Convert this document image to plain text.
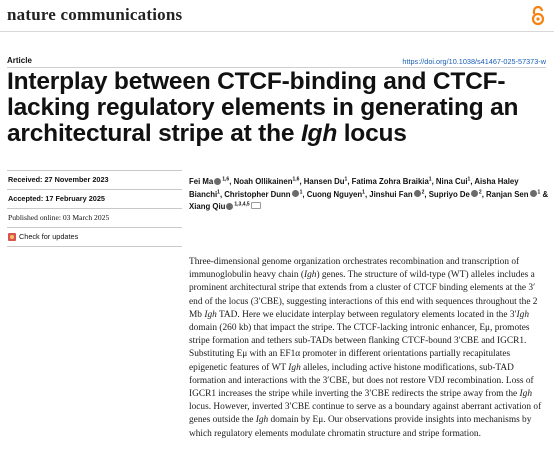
nature communications
Article	https://doi.org/10.1038/s41467-025-57373-w
Interplay between CTCF-binding and CTCF-lacking regulatory elements in generating an architectural stripe at the Igh locus
Received: 27 November 2023
Accepted: 17 February 2025
Published online: 03 March 2025
Check for updates
Fei Ma $^{1,6}$, Noah Ollikainen$^{1,6}$, Hansen Du$^1$, Fatima Zohra Braikia$^1$, Nina Cui$^1$, Aisha Haley Bianchi$^1$, Christopher Dunn $^1$, Cuong Nguyen$^1$, Jinshui Fan $^2$, Supriyo De $^2$, Ranjan Sen $^1$ & Xiang Qiu $^{1,3,4,5}$

Three-dimensional genome organization orchestrates recombination and transcription of immunoglobulin heavy chain (Igh) genes. The structure of wild-type (WT) alleles includes a prominent architectural stripe that extends from a cluster of CTCF binding elements at the 3′ end of the locus (3′CBE), suggesting interactions of this end with sequences throughout the 2 Mb Igh TAD. Here we elucidate interplay between regulatory elements located in the 3′Igh domain (260 kb) that impact the stripe. The CTCF-lacking intronic enhancer, Eμ, promotes stripe formation and tethers sub-TADs between flanking CTCF-bound 3′CBE and IGCR1. Substituting Eμ with an EF1α promoter in different orientations partially recapitulates epigenetic features of WT Igh alleles, including active histone modifications, sub-TAD formation and interactions with the 3′CBE, but does not restore VDJ recombination. Loss of IGCR1 increases the stripe while inverting the 3′CBE redirects the stripe away from the Igh locus. However, inverted 3′CBE continue to serve as a boundary against aberrant activation of genes outside the Igh domain by Eμ. Our observations provide insights into mechanisms by which regulatory elements modulate chromatin structure and stripe formation.
